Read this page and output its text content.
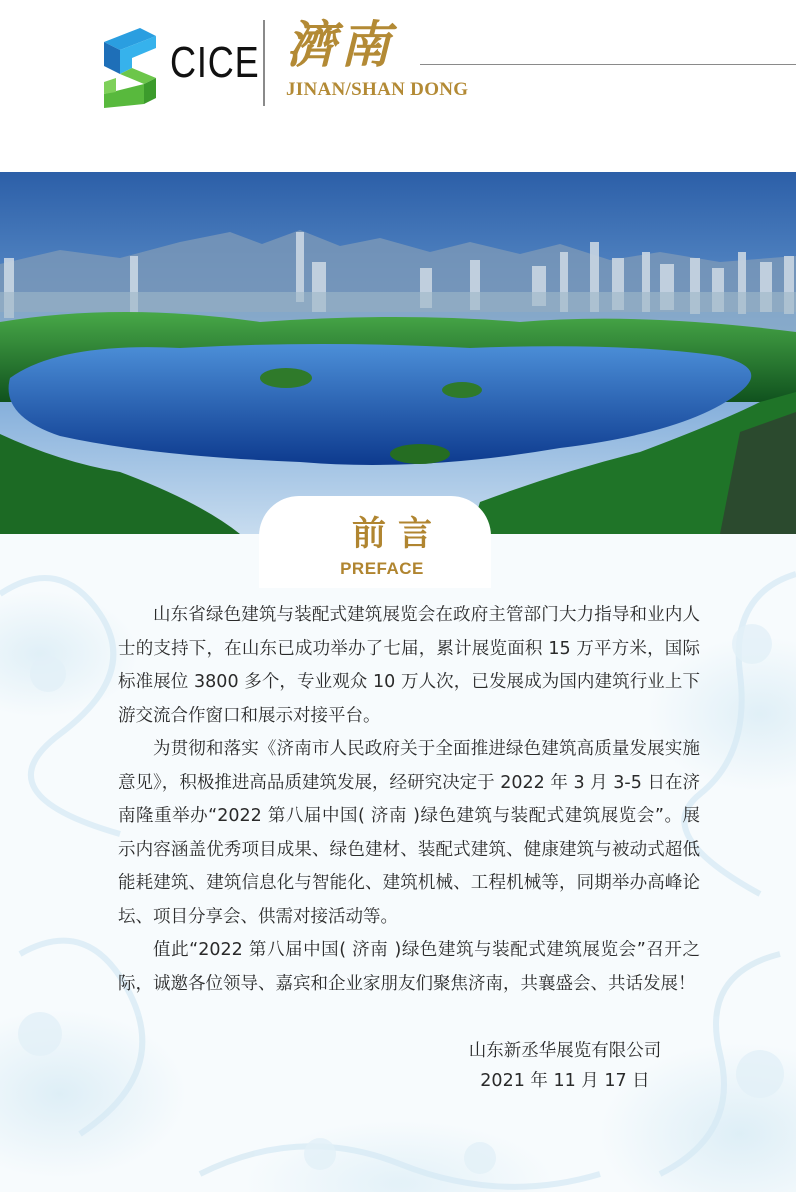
CICE 濟南
JINAN/SHAN DONG
前言
PREFACE

山东省绿色建筑与装配式建筑展览会在政府主管部门大力指导和业内人士的支持下，在山东已成功举办了七届，累计展览面积 15 万平方米，国际标准展位 3800 多个，专业观众 10 万人次，已发展成为国内建筑行业上下游交流合作窗口和展示对接平台。

为贯彻和落实《济南市人民政府关于全面推进绿色建筑高质量发展实施意见》，积极推进高品质建筑发展，经研究决定于 2022 年 3 月 3-5 日在济南隆重举办“2022 第八届中国( 济南 )绿色建筑与装配式建筑展览会”。展示内容涵盖优秀项目成果、绿色建材、装配式建筑、健康建筑与被动式超低能耗建筑、建筑信息化与智能化、建筑机械、工程机械等，同期举办高峰论坛、项目分享会、供需对接活动等。

值此“2022 第八届中国( 济南 )绿色建筑与装配式建筑展览会”召开之际，诚邀各位领导、嘉宾和企业家朋友们聚焦济南，共襄盛会、共话发展！

山东新丞华展览有限公司
2021 年 11 月 17 日
